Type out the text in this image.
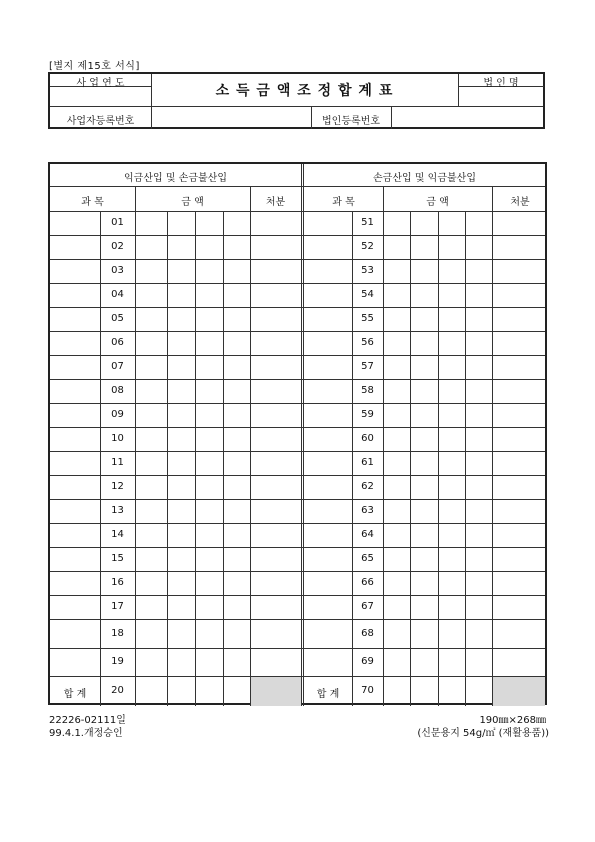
[별지 제15호 서식]
사 업 연 도	소 득 금 액 조 정 합 계 표	법 인 명
사업자등록번호	법인등록번호
익금산입 및 손금불산입	손금산입 및 익금불산입
과 목	금 액	처분	과 목	금 액	처분
01	51
02	52
03	53
04	54
05	55
06	56
07	57
08	58
09	59
10	60
11	61
12	62
13	63
14	64
15	65
16	66
17	67
18	68
19	69
합 계	20	합 계	70
22226-02111일
99.4.1.개정승인
190㎜×268㎜
(신문용지 54g/㎡ (재활용품))
